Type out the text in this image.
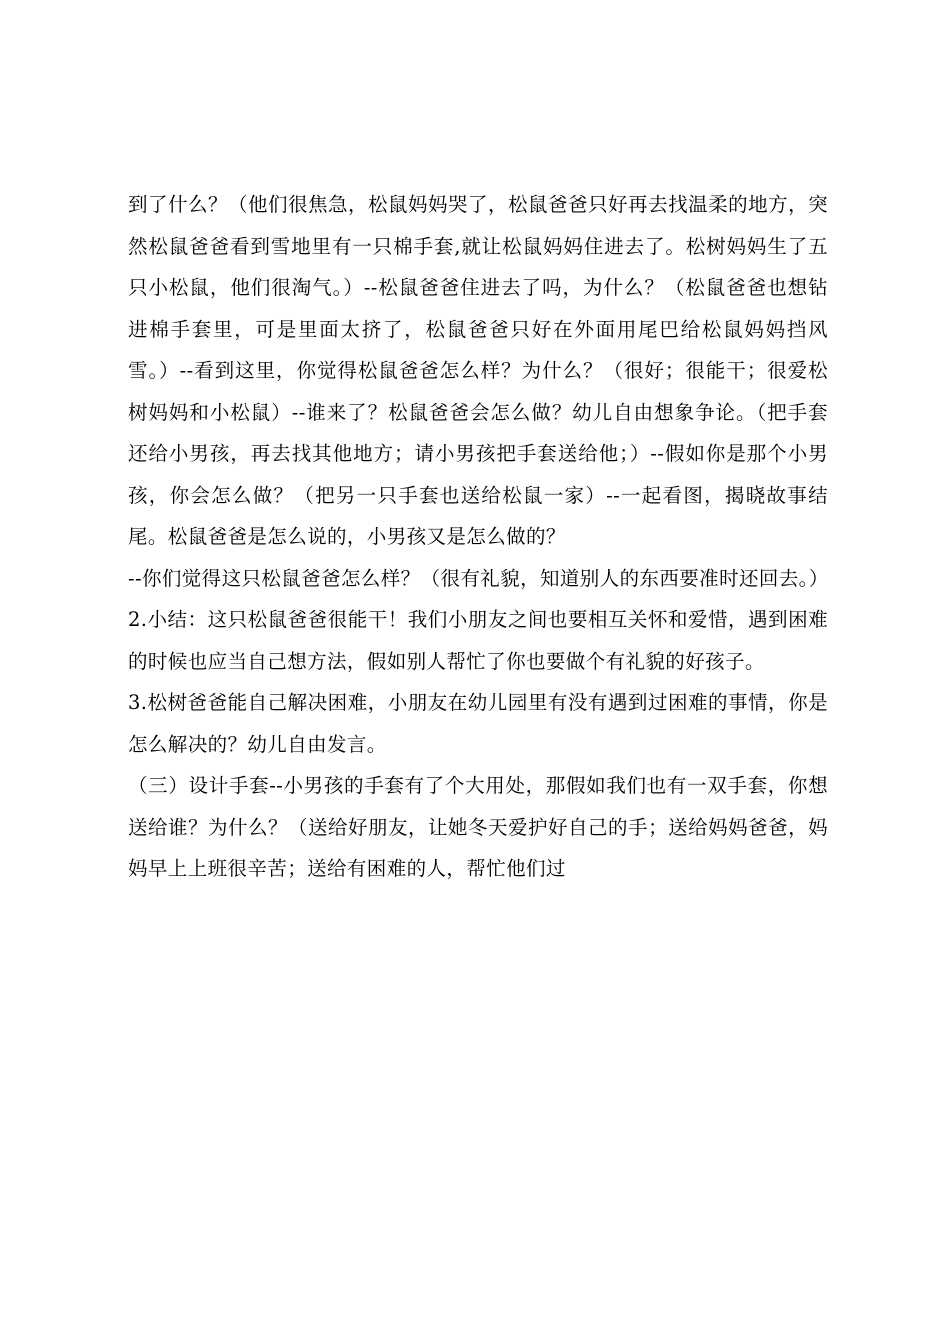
到了什么？（他们很焦急，松鼠妈妈哭了，松鼠爸爸只好再去找温柔的地方，突然松鼠爸爸看到雪地里有一只棉手套,就让松鼠妈妈住进去了。松树妈妈生了五只小松鼠，他们很淘气。）--松鼠爸爸住进去了吗，为什么？（松鼠爸爸也想钻进棉手套里，可是里面太挤了，松鼠爸爸只好在外面用尾巴给松鼠妈妈挡风雪。）--看到这里，你觉得松鼠爸爸怎么样？为什么？（很好；很能干；很爱松树妈妈和小松鼠）--谁来了？松鼠爸爸会怎么做？幼儿自由想象争论。（把手套还给小男孩，再去找其他地方；请小男孩把手套送给他；）--假如你是那个小男孩，你会怎么做？（把另一只手套也送给松鼠一家）--一起看图，揭晓故事结尾。松鼠爸爸是怎么说的，小男孩又是怎么做的？

--你们觉得这只松鼠爸爸怎么样？（很有礼貌，知道别人的东西要准时还回去。）

2.小结：这只松鼠爸爸很能干！我们小朋友之间也要相互关怀和爱惜，遇到困难的时候也应当自己想方法，假如别人帮忙了你也要做个有礼貌的好孩子。

3.松树爸爸能自己解决困难，小朋友在幼儿园里有没有遇到过困难的事情，你是怎么解决的？幼儿自由发言。

（三）设计手套--小男孩的手套有了个大用处，那假如我们也有一双手套，你想送给谁？为什么？（送给好朋友，让她冬天爱护好自己的手；送给妈妈爸爸，妈妈早上上班很辛苦；送给有困难的人，帮忙他们过
